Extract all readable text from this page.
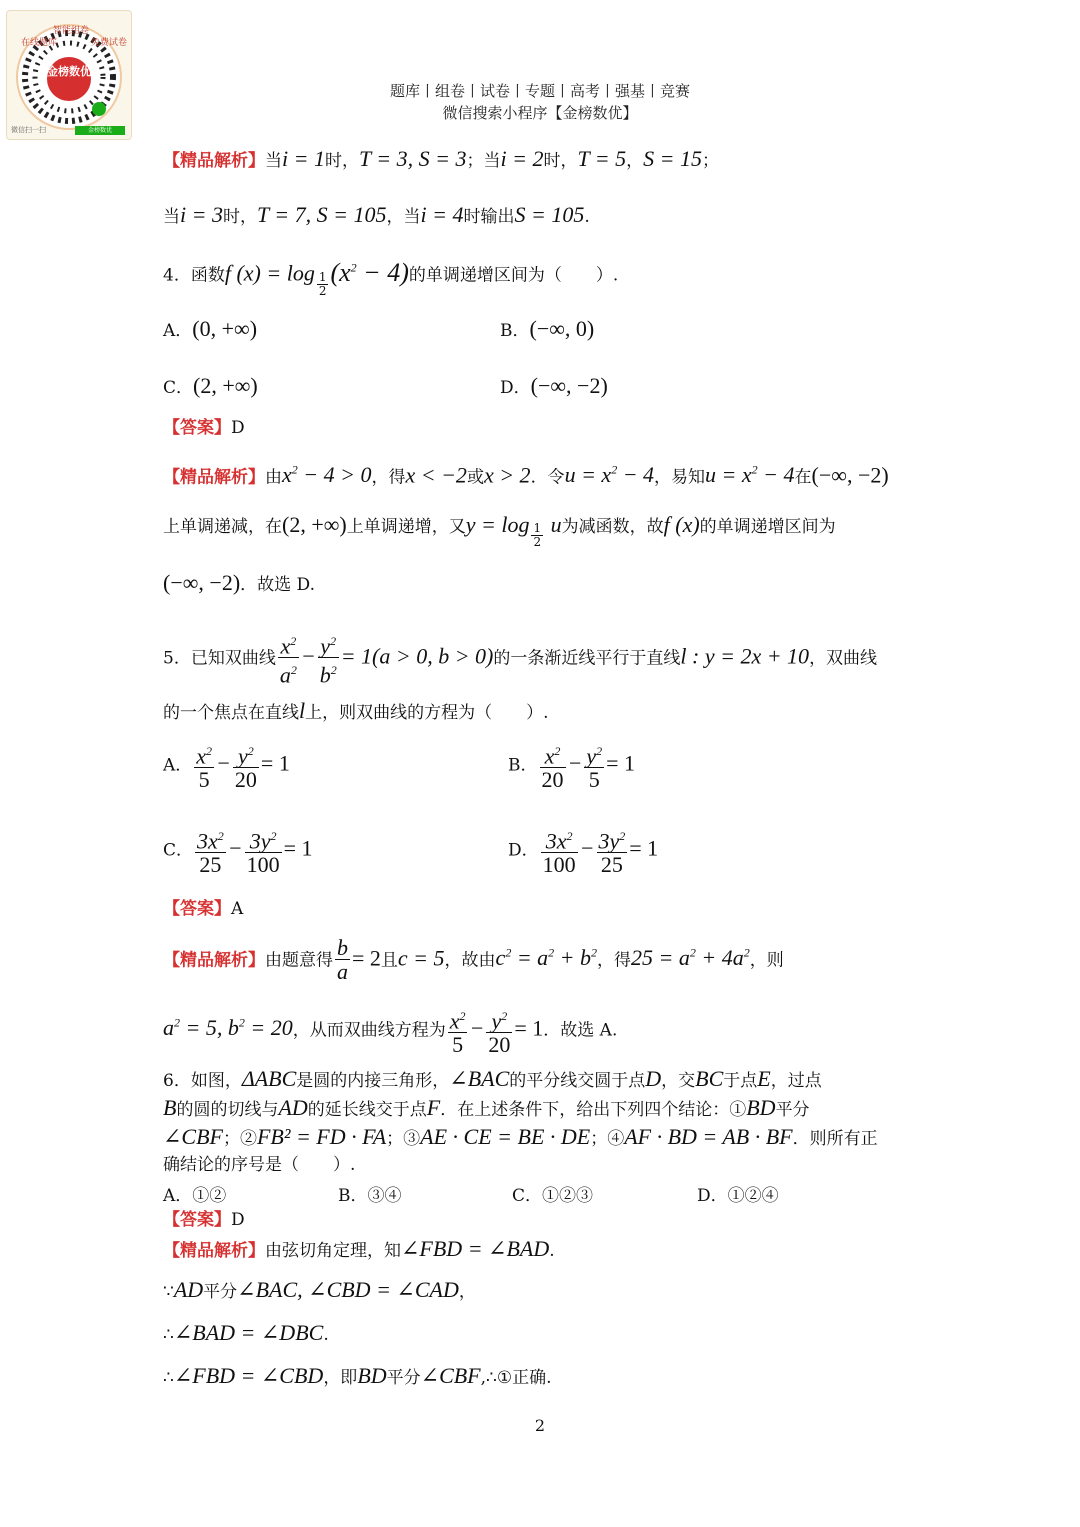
在线题库
智能组卷
免费试卷
金榜数优
微信扫一扫	金榜数优
题库丨组卷丨试卷丨专题丨高考丨强基丨竞赛
微信搜索小程序【金榜数优】
【精品解析】当i = 1时，T = 3, S = 3；当i = 2时，T = 5，S = 15；
当i = 3时，T = 7, S = 105，当i = 4时输出S = 105.
4．函数f $(x) = \log \frac{1}{2} (x^2 - 4)$的单调递增区间为（　　）.
A．(0, +∞)	B．(−∞, 0)
C．(2, +∞)	D．(−∞, −2)
【答案】D
【精品解析】由$x^2 - 4 > 0$，得x < −2或x > 2．令$u = x^2 - 4$，易知$u = x^2 - 4$在(−∞, −2)
上单调递减，在(2, +∞)上单调递增，又$y = \log \frac{1}{2}$ u为减函数，故f (x)的单调递增区间为
(−∞, −2)．故选 D.
5．已知双曲线 $\frac{x^2}{a^2} - \frac{y^2}{b^2} = 1(a > 0$, b > 0)的一条渐近线平行于直线l : y = 2x + 10，双曲线
的一个焦点在直线l上，则双曲线的方程为（　　）.
A． $\frac{x^2}{5} - \frac{y^2}{20} = 1$	B． $\frac{x^2}{20} - \frac{y^2}{5} = 1$
C． $\frac{3x^2}{25} - \frac{3y^2}{100} = 1$	D． $\frac{3x^2}{100} - \frac{3y^2}{25} = 1$
【答案】A
【精品解析】由题意得 $\frac{b}{a} = 2$且c = 5，故由$c^2 = a^2 + b^2$，得$25 = a^2 + 4a^2$，则
$a^2 = 5$, $b^2 = 20$，从而双曲线方程为 $\frac{x^2}{5} - \frac{y^2}{20} = 1$．故选 A.
6．如图，ΔABC是圆的内接三角形，∠BAC的平分线交圆于点D，交BC于点E，过点
B的圆的切线与AD的延长线交于点F．在上述条件下，给出下列四个结论：①BD平分
∠CBF；②FB² = FD · FA；③AE · CE = BE · DE；④AF · BD = AB · BF．则所有正
确结论的序号是（　　）.
A．①②	B．③④	C．①②③	D．①②④
【答案】D
【精品解析】由弦切角定理，知∠FBD = ∠BAD.
∵AD平分∠BAC, ∠CBD = ∠CAD，
∴∠BAD = ∠DBC.
∴∠FBD = ∠CBD，即BD平分∠CBF,∴①正确.
2
